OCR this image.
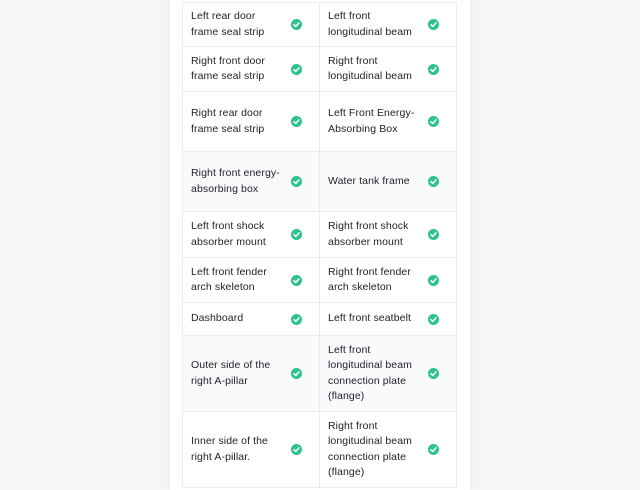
Left rear door frame seal strip
Left front longitudinal beam
Right front door frame seal strip
Right front longitudinal beam
Right rear door frame seal strip
Left Front Energy-Absorbing Box
Right front energy-absorbing box
Water tank frame
Left front shock absorber mount
Right front shock absorber mount
Left front fender arch skeleton
Right front fender arch skeleton
Dashboard	Left front seatbelt
Outer side of the right A-pillar
Left front longitudinal beam connection plate (flange)
Inner side of the right A-pillar.
Right front longitudinal beam connection plate (flange)
